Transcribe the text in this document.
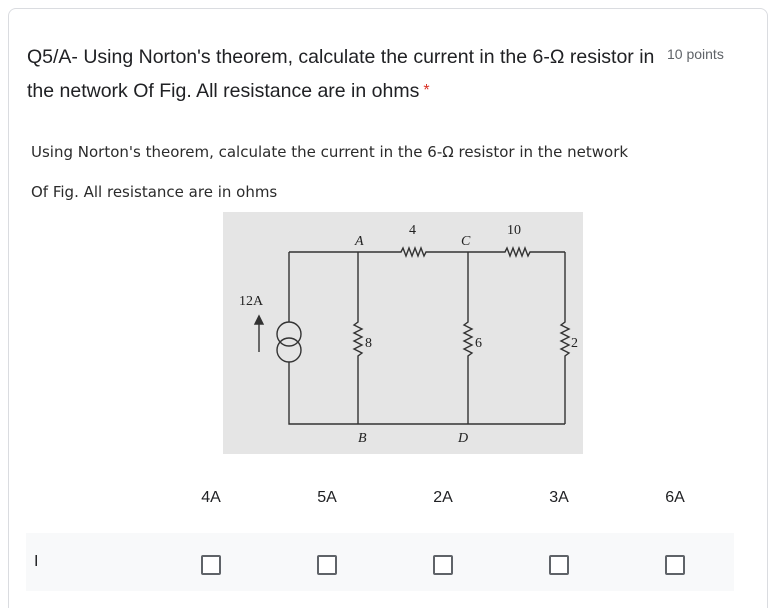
Q5/A- Using Norton's theorem, calculate the current in the 6-Ω resistor in the network Of Fig. All resistance are in ohms *
10 points
Using Norton's theorem, calculate the current in the 6-Ω resistor in the network
Of Fig. All resistance are in ohms
12A
A
B
C
D
4	10
8	6	2
4A	5A	2A	3A	6A
I
